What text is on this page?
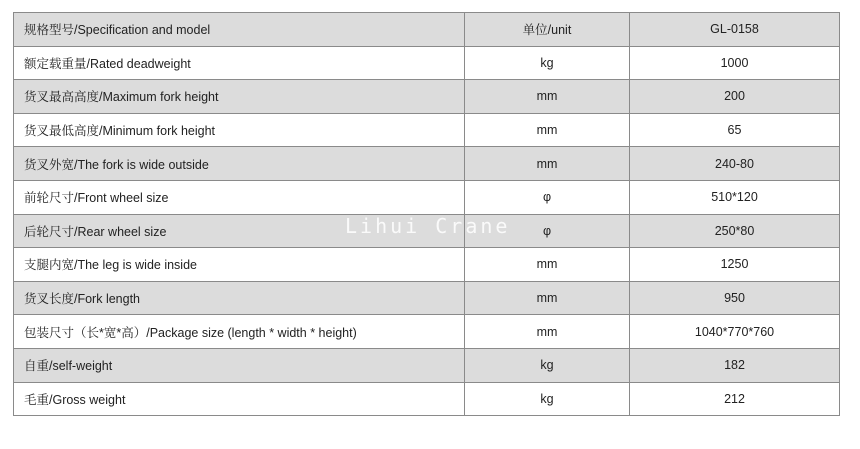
规格型号/Specification and model	单位/unit	GL-0158
额定载重量/Rated deadweight	kg	1000
货叉最高高度/Maximum fork height	mm	200
货叉最低高度/Minimum fork height	mm	65
货叉外宽/The fork is wide outside	mm	240-80
前轮尺寸/Front wheel size	φ	510*120
后轮尺寸/Rear wheel size	φ	250*80
支腿内宽/The leg is wide inside	mm	1250
货叉长度/Fork length	mm	950
包装尺寸（长*宽*高）/Package size (length * width * height)	mm	1040*770*760
自重/self-weight	kg	182
毛重/Gross weight	kg	212
Lihui Crane
